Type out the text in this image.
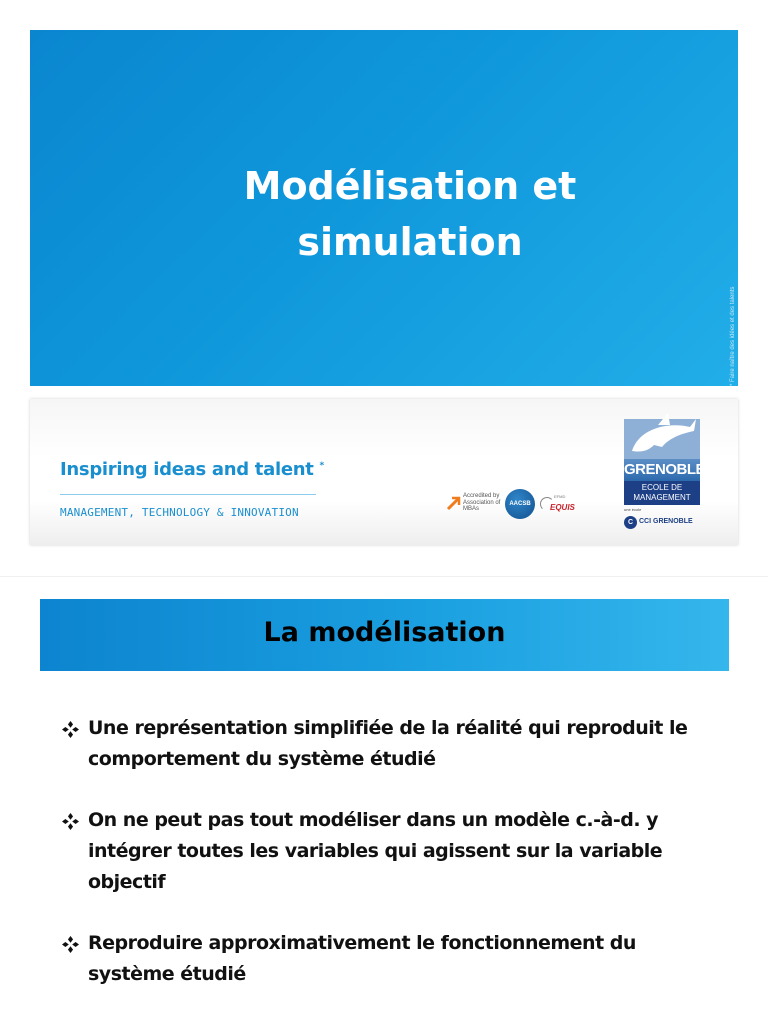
Modélisation et
simulation
* Faire naître des idées et des talents
Inspiring ideas and talent *
MANAGEMENT, TECHNOLOGY & INNOVATION
Accredited by Association of MBAs
AACSB
EFMD
EQUIS
GRENOBLE
ECOLE DE
MANAGEMENT
une école
C CCI GRENOBLE
La modélisation
Une représentation simplifiée de la réalité qui reproduit le comportement du système étudié
On ne peut pas tout modéliser dans un modèle c.-à-d. y intégrer toutes les variables qui agissent sur la variable objectif
Reproduire approximativement le fonctionnement du système étudié
